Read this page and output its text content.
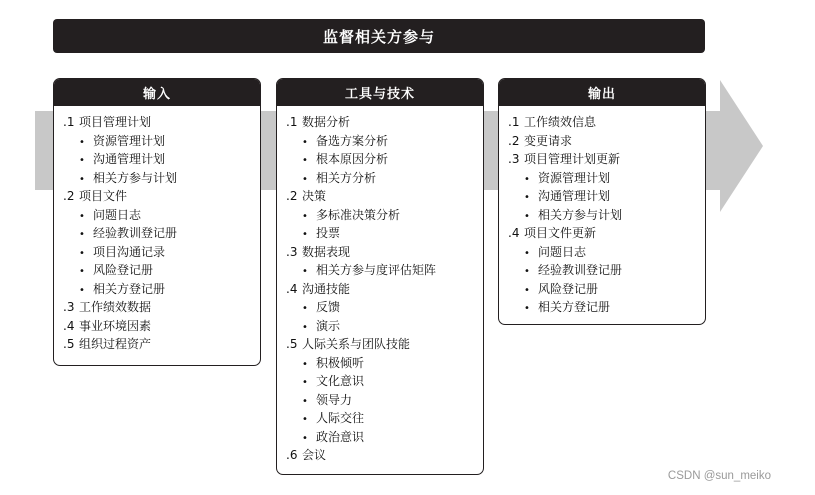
监督相关方参与
输入
.1 项目管理计划
• 资源管理计划
• 沟通管理计划
• 相关方参与计划
.2 项目文件
• 问题日志
• 经验教训登记册
• 项目沟通记录
• 风险登记册
• 相关方登记册
.3 工作绩效数据
.4 事业环境因素
.5 组织过程资产
工具与技术
.1 数据分析
• 备选方案分析
• 根本原因分析
• 相关方分析
.2 决策
• 多标准决策分析
• 投票
.3 数据表现
• 相关方参与度评估矩阵
.4 沟通技能
• 反馈
• 演示
.5 人际关系与团队技能
• 积极倾听
• 文化意识
• 领导力
• 人际交往
• 政治意识
.6 会议
输出
.1 工作绩效信息
.2 变更请求
.3 项目管理计划更新
• 资源管理计划
• 沟通管理计划
• 相关方参与计划
.4 项目文件更新
• 问题日志
• 经验教训登记册
• 风险登记册
• 相关方登记册
CSDN @sun_meiko
